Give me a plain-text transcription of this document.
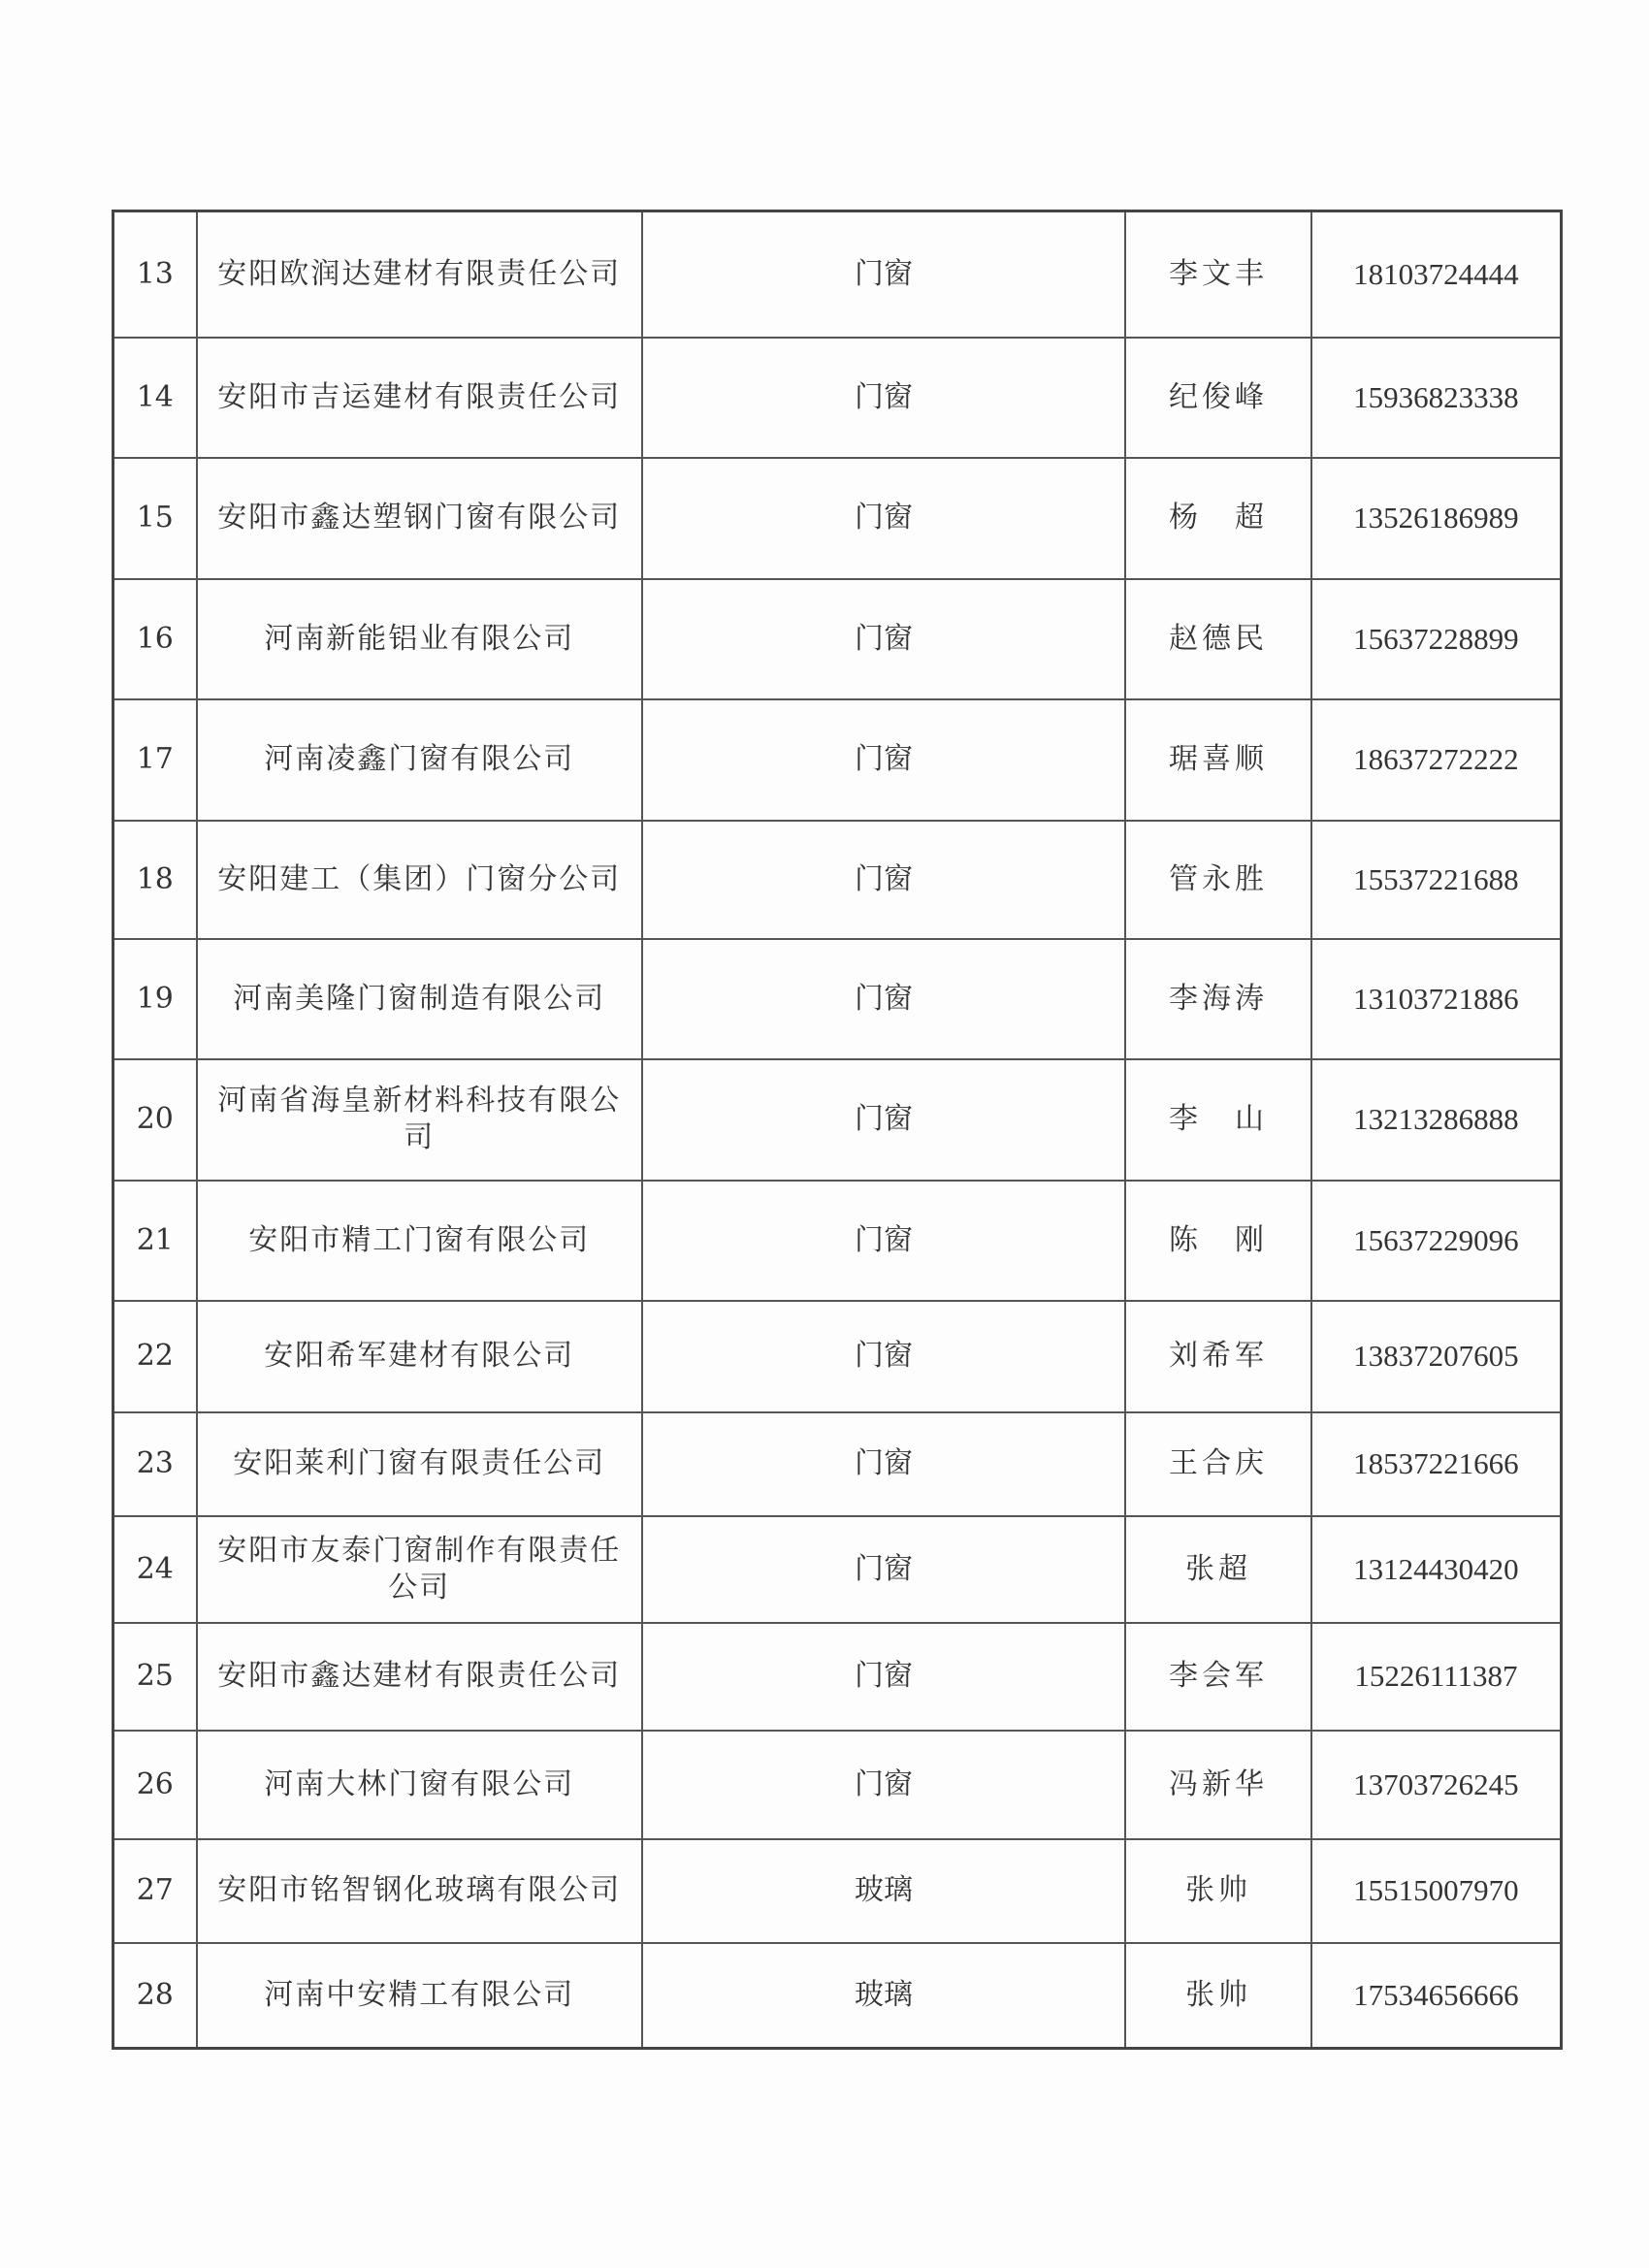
13	安阳欧润达建材有限责任公司	门窗	李文丰	18103724444
14	安阳市吉运建材有限责任公司	门窗	纪俊峰	15936823338
15	安阳市鑫达塑钢门窗有限公司	门窗	杨　超	13526186989
16	河南新能铝业有限公司	门窗	赵德民	15637228899
17	河南凌鑫门窗有限公司	门窗	琚喜顺	18637272222
18	安阳建工（集团）门窗分公司	门窗	管永胜	15537221688
19	河南美隆门窗制造有限公司	门窗	李海涛	13103721886
20	河南省海皇新材料科技有限公司	门窗	李　山	13213286888
21	安阳市精工门窗有限公司	门窗	陈　刚	15637229096
22	安阳希军建材有限公司	门窗	刘希军	13837207605
23	安阳莱利门窗有限责任公司	门窗	王合庆	18537221666
24	安阳市友泰门窗制作有限责任公司	门窗	张超	13124430420
25	安阳市鑫达建材有限责任公司	门窗	李会军	15226111387
26	河南大林门窗有限公司	门窗	冯新华	13703726245
27	安阳市铭智钢化玻璃有限公司	玻璃	张帅	15515007970
28	河南中安精工有限公司	玻璃	张帅	17534656666
